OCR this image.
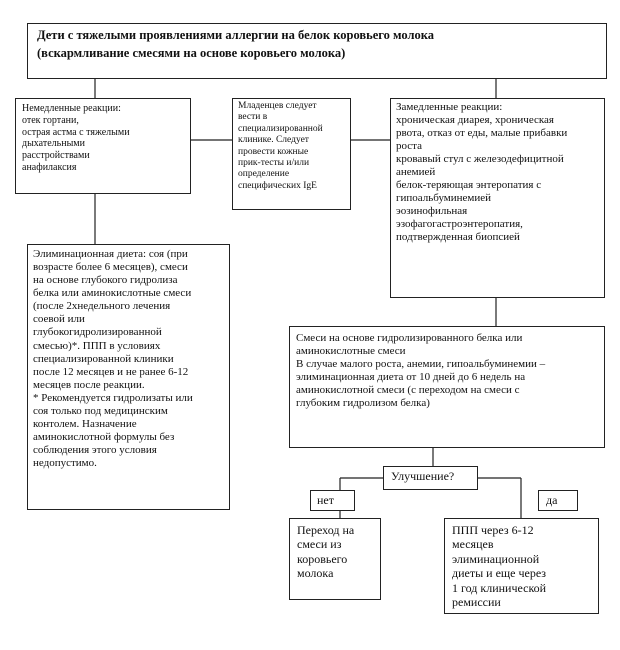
Дети с тяжелыми проявлениями аллергии на белок коровьего молока
(вскармливание смесями на основе коровьего молока)
Немедленные реакции:
отек гортани,
острая астма с тяжелыми
дыхательными
расстройствами
анафилаксия
Младенцев следует
вести в
специализированной
клинике. Следует
провести кожные
прик-тесты и/или
определение
специфических IgE
Замедленные реакции:
хроническая диарея, хроническая
рвота, отказ от еды, малые прибавки
роста
кровавый стул с железодефицитной
анемией
белок-теряющая энтеропатия с
гипоальбуминемией
эозинофильная
эзофагогастроэнтеропатия,
подтвержденная биопсией
Элиминационная диета: соя (при
возрасте более 6 месяцев), смеси
на основе глубокого гидролиза
белка или аминокислотные смеси
(после 2хнедельного лечения
соевой или
глубокогидролизированной
смесью)*. ППП в условиях
специализированной клиники
после 12 месяцев и не ранее 6-12
месяцев после реакции.
* Рекомендуется гидролизаты или
соя только под медицинским
контолем. Назначение
аминокислотной формулы без
соблюдения этого условия
недопустимо.
Смеси на основе гидролизированного белка или
аминокислотные смеси
В случае малого роста, анемии, гипоальбуминемии –
элиминационная диета от 10 дней до 6 недель на
аминокислотной смеси (с переходом на смеси с
глубоким гидролизом белка)
Улучшение?
нет	да
Переход на
смеси из
коровьего
молока
ППП через 6-12
месяцев
элиминационной
диеты и еще через
1 год клинической
ремиссии
